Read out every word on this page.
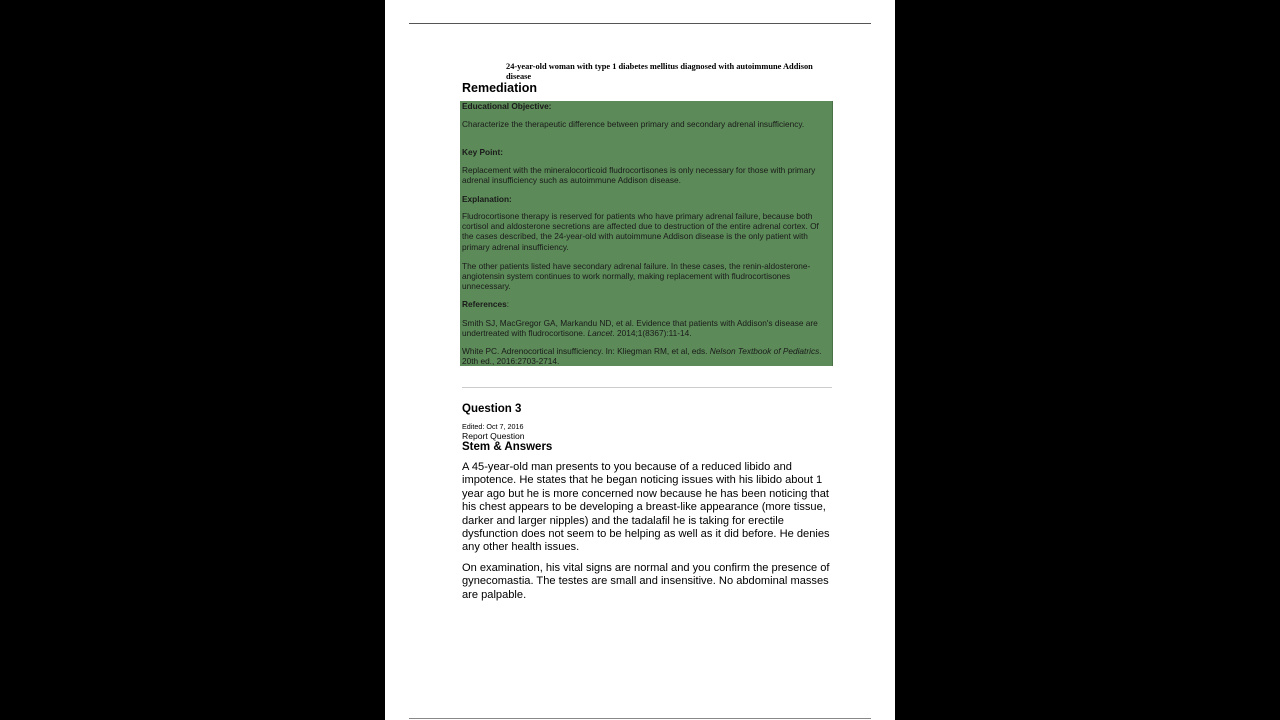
24-year-old woman with type 1 diabetes mellitus diagnosed with autoimmune Addison disease
Remediation
Educational Objective:
Characterize the therapeutic difference between primary and secondary adrenal insufficiency.
Key Point:
Replacement with the mineralocorticoid fludrocortisones is only necessary for those with primary adrenal insufficiency such as autoimmune Addison disease.
Explanation:
Fludrocortisone therapy is reserved for patients who have primary adrenal failure, because both cortisol and aldosterone secretions are affected due to destruction of the entire adrenal cortex. Of the cases described, the 24-year-old with autoimmune Addison disease is the only patient with primary adrenal insufficiency.
The other patients listed have secondary adrenal failure. In these cases, the renin-aldosterone-angiotensin system continues to work normally, making replacement with fludrocortisones unnecessary.
References:
Smith SJ, MacGregor GA, Markandu ND, et al. Evidence that patients with Addison's disease are undertreated with fludrocortisone. Lancet. 2014;1(8367):11-14.
White PC. Adrenocortical insufficiency. In: Kliegman RM, et al, eds. Nelson Textbook of Pediatrics. 20th ed., 2016:2703-2714.
Question 3
Edited: Oct 7, 2016
Report Question
Stem & Answers
A 45-year-old man presents to you because of a reduced libido and impotence. He states that he began noticing issues with his libido about 1 year ago but he is more concerned now because he has been noticing that his chest appears to be developing a breast-like appearance (more tissue, darker and larger nipples) and the tadalafil he is taking for erectile dysfunction does not seem to be helping as well as it did before. He denies any other health issues.
On examination, his vital signs are normal and you confirm the presence of gynecomastia. The testes are small and insensitive. No abdominal masses are palpable.
